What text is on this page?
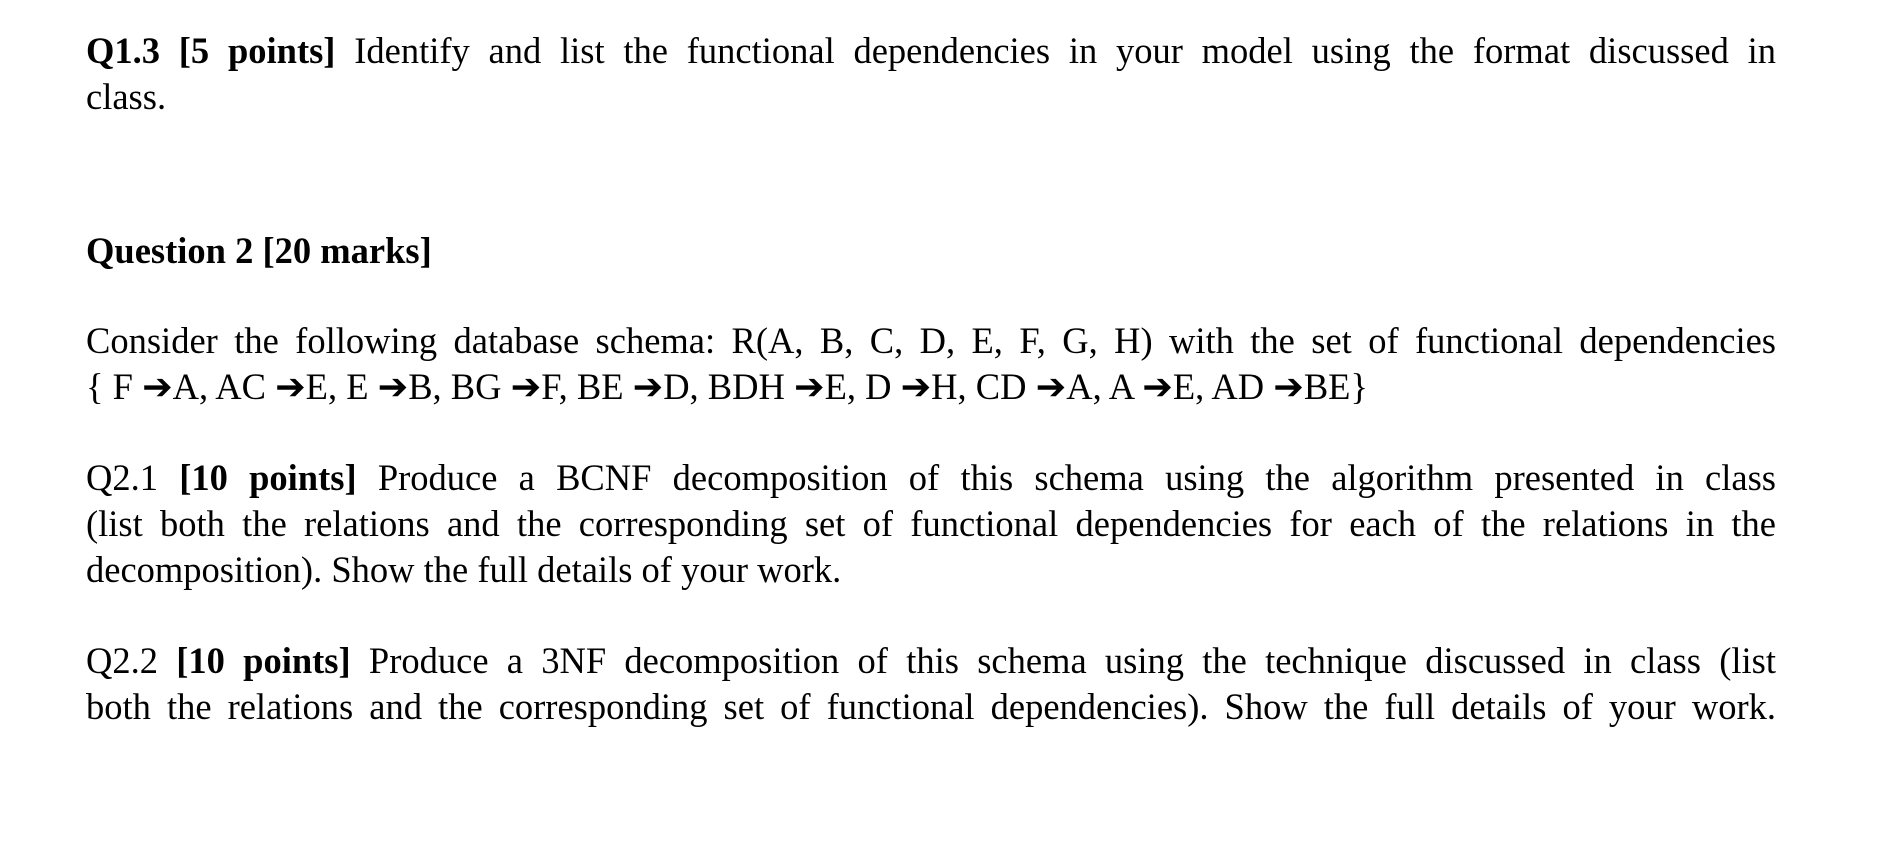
Q1.3 [5 points] Identify and list the functional dependencies in your model using the format discussed in
class.

Question 2 [20 marks]

Consider the following database schema: R(A, B, C, D, E, F, G, H) with the set of functional dependencies
{ F ➔A, AC ➔E, E ➔B, BG ➔F, BE ➔D, BDH ➔E, D ➔H, CD ➔A, A ➔E, AD ➔BE}

Q2.1 [10 points] Produce a BCNF decomposition of this schema using the algorithm presented in class
(list both the relations and the corresponding set of functional dependencies for each of the relations in the
decomposition). Show the full details of your work.

Q2.2 [10 points] Produce a 3NF decomposition of this schema using the technique discussed in class (list
both the relations and the corresponding set of functional dependencies). Show the full details of your work.
